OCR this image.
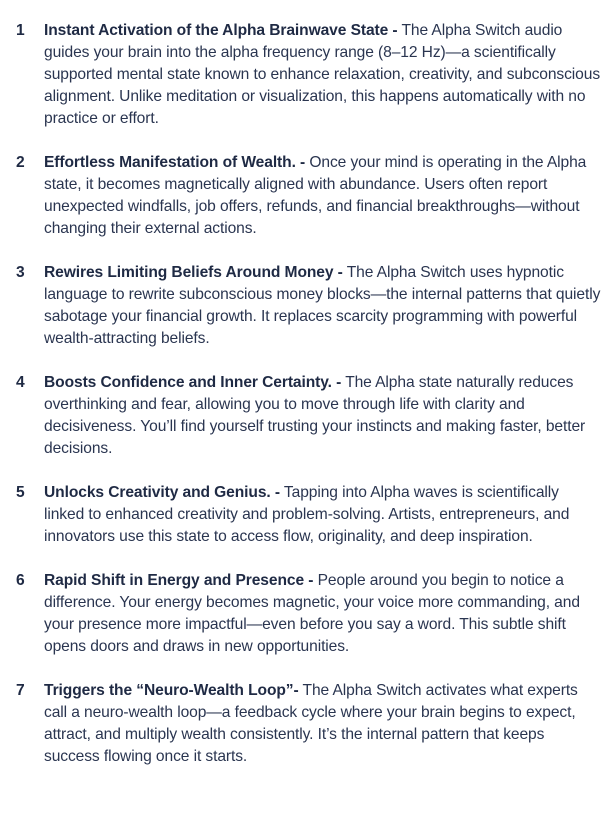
1 Instant Activation of the Alpha Brainwave State - The Alpha Switch audio guides your brain into the alpha frequency range (8–12 Hz)—a scientifically supported mental state known to enhance relaxation, creativity, and subconscious alignment. Unlike meditation or visualization, this happens automatically with no practice or effort.
2 Effortless Manifestation of Wealth. - Once your mind is operating in the Alpha state, it becomes magnetically aligned with abundance. Users often report unexpected windfalls, job offers, refunds, and financial breakthroughs—without changing their external actions.
3 Rewires Limiting Beliefs Around Money - The Alpha Switch uses hypnotic language to rewrite subconscious money blocks—the internal patterns that quietly sabotage your financial growth. It replaces scarcity programming with powerful wealth-attracting beliefs.
4 Boosts Confidence and Inner Certainty. - The Alpha state naturally reduces overthinking and fear, allowing you to move through life with clarity and decisiveness. You’ll find yourself trusting your instincts and making faster, better decisions.
5 Unlocks Creativity and Genius. - Tapping into Alpha waves is scientifically linked to enhanced creativity and problem-solving. Artists, entrepreneurs, and innovators use this state to access flow, originality, and deep inspiration.
6 Rapid Shift in Energy and Presence - People around you begin to notice a difference. Your energy becomes magnetic, your voice more commanding, and your presence more impactful—even before you say a word. This subtle shift opens doors and draws in new opportunities.
7 Triggers the “Neuro-Wealth Loop”- The Alpha Switch activates what experts call a neuro-wealth loop—a feedback cycle where your brain begins to expect, attract, and multiply wealth consistently. It’s the internal pattern that keeps success flowing once it starts.
